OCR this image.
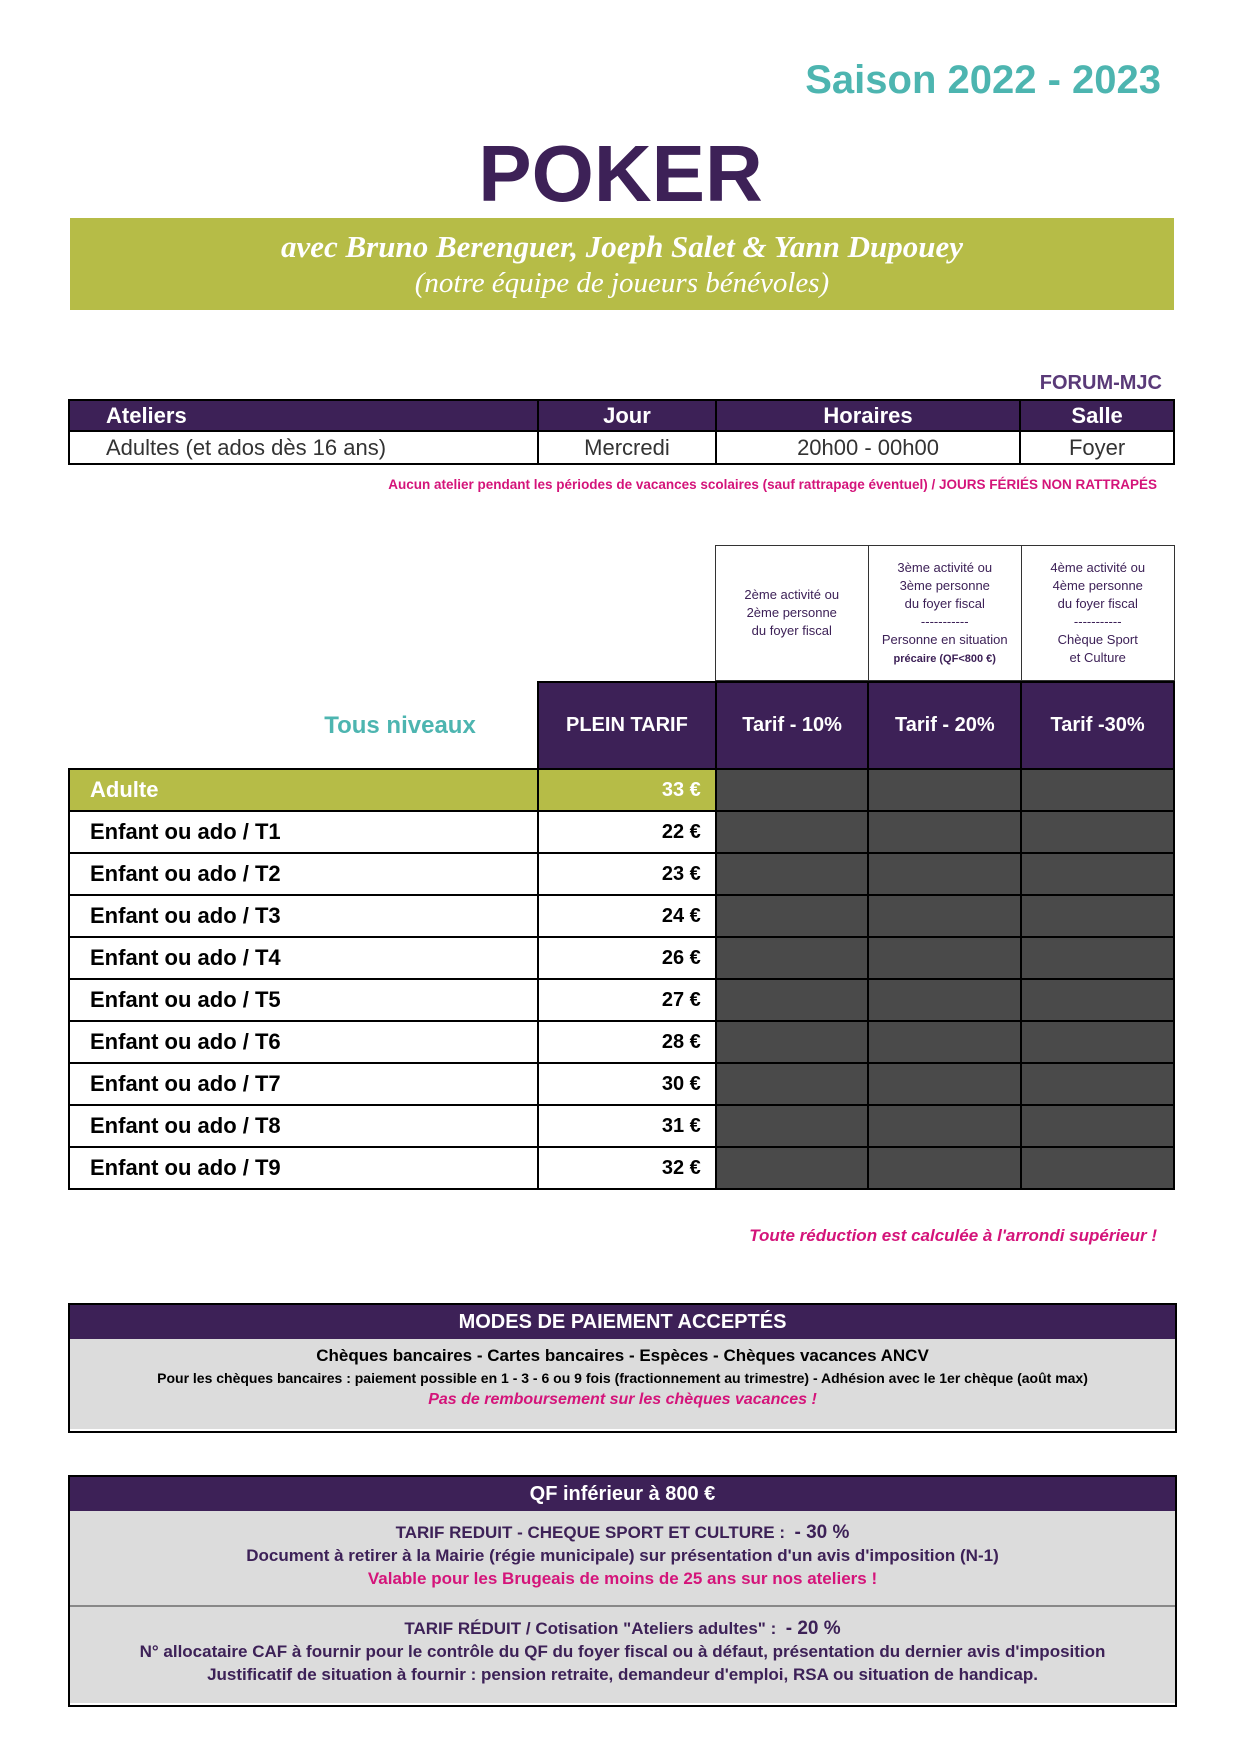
Saison 2022 - 2023
POKER
avec Bruno Berenguer, Joeph Salet & Yann Dupouey
(notre équipe de joueurs bénévoles)
FORUM-MJC
Ateliers	Jour	Horaires	Salle
Adultes (et ados dès 16 ans)	Mercredi	20h00 - 00h00	Foyer
Aucun atelier pendant les périodes de vacances scolaires (sauf rattrapage éventuel) / JOURS FÉRIÉS NON RATTRAPÉS
2ème activité ou
2ème personne
du foyer fiscal
3ème activité ou
3ème personne
du foyer fiscal
-----------
Personne en situation
précaire (QF<800 €)
4ème activité ou
4ème personne
du foyer fiscal
-----------
Chèque Sport
et Culture
Tous niveaux
		PLEIN TARIF	Tarif - 10%	Tarif - 20%	Tarif -30%
Adulte	33 €			
Enfant ou ado / T1	22 €			
Enfant ou ado / T2	23 €			
Enfant ou ado / T3	24 €			
Enfant ou ado / T4	26 €			
Enfant ou ado / T5	27 €			
Enfant ou ado / T6	28 €			
Enfant ou ado / T7	30 €			
Enfant ou ado / T8	31 €			
Enfant ou ado / T9	32 €			
Toute réduction est calculée à l'arrondi supérieur !
MODES DE PAIEMENT ACCEPTÉS
Chèques bancaires - Cartes bancaires - Espèces - Chèques vacances ANCV
Pour les chèques bancaires : paiement possible en 1 - 3 - 6 ou 9 fois (fractionnement au trimestre) - Adhésion avec le 1er chèque (août max)
Pas de remboursement sur les chèques vacances !
QF inférieur à 800 €
TARIF REDUIT - CHEQUE SPORT ET CULTURE : - 30 %
Document à retirer à la Mairie (régie municipale) sur présentation d'un avis d'imposition (N-1)
Valable pour les Brugeais de moins de 25 ans sur nos ateliers !
TARIF RÉDUIT / Cotisation "Ateliers adultes" : - 20 %
N° allocataire CAF à fournir pour le contrôle du QF du foyer fiscal ou à défaut, présentation du dernier avis d'imposition
Justificatif de situation à fournir : pension retraite, demandeur d'emploi, RSA ou situation de handicap.
